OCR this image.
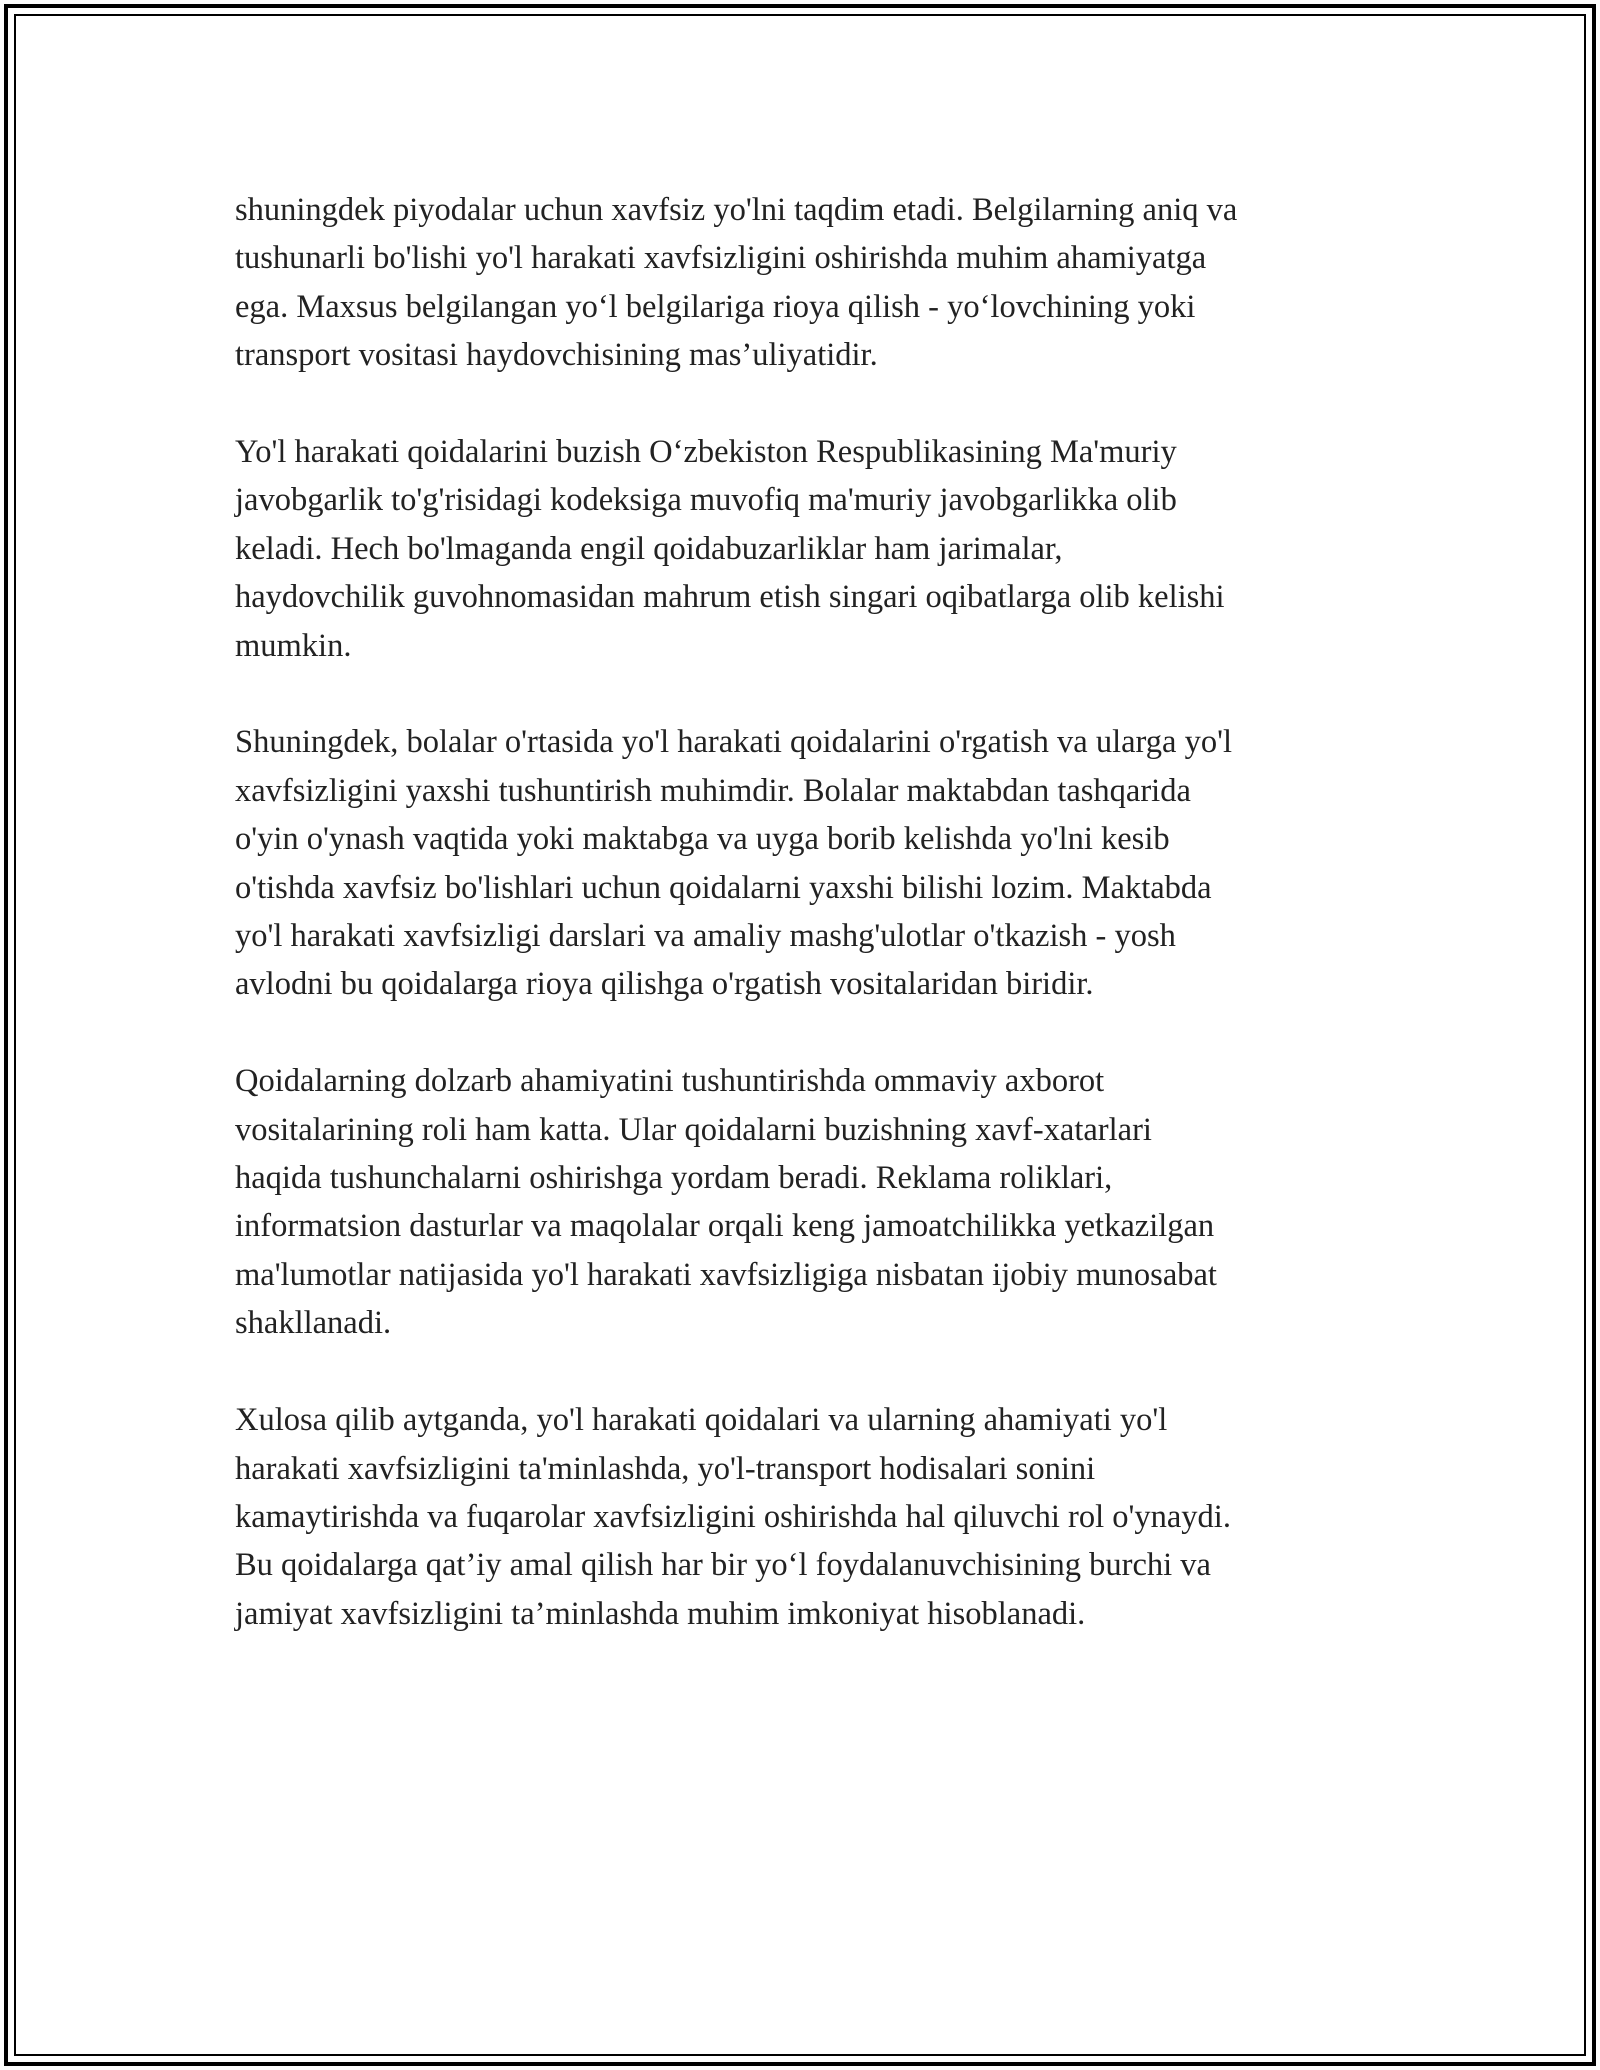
shuningdek piyodalar uchun xavfsiz yo'lni taqdim etadi. Belgilarning aniq va
tushunarli bo'lishi yo'l harakati xavfsizligini oshirishda muhim ahamiyatga
ega. Maxsus belgilangan yo‘l belgilariga rioya qilish - yo‘lovchining yoki
transport vositasi haydovchisining mas’uliyatidir.

Yo'l harakati qoidalarini buzish O‘zbekiston Respublikasining Ma'muriy
javobgarlik to'g'risidagi kodeksiga muvofiq ma'muriy javobgarlikka olib
keladi. Hech bo'lmaganda engil qoidabuzarliklar ham jarimalar,
haydovchilik guvohnomasidan mahrum etish singari oqibatlarga olib kelishi
mumkin.

Shuningdek, bolalar o'rtasida yo'l harakati qoidalarini o'rgatish va ularga yo'l
xavfsizligini yaxshi tushuntirish muhimdir. Bolalar maktabdan tashqarida
o'yin o'ynash vaqtida yoki maktabga va uyga borib kelishda yo'lni kesib
o'tishda xavfsiz bo'lishlari uchun qoidalarni yaxshi bilishi lozim. Maktabda
yo'l harakati xavfsizligi darslari va amaliy mashg'ulotlar o'tkazish - yosh
avlodni bu qoidalarga rioya qilishga o'rgatish vositalaridan biridir.

Qoidalarning dolzarb ahamiyatini tushuntirishda ommaviy axborot
vositalarining roli ham katta. Ular qoidalarni buzishning xavf-xatarlari
haqida tushunchalarni oshirishga yordam beradi. Reklama roliklari,
informatsion dasturlar va maqolalar orqali keng jamoatchilikka yetkazilgan
ma'lumotlar natijasida yo'l harakati xavfsizligiga nisbatan ijobiy munosabat
shakllanadi.

Xulosa qilib aytganda, yo'l harakati qoidalari va ularning ahamiyati yo'l
harakati xavfsizligini ta'minlashda, yo'l-transport hodisalari sonini
kamaytirishda va fuqarolar xavfsizligini oshirishda hal qiluvchi rol o'ynaydi.
Bu qoidalarga qat’iy amal qilish har bir yo‘l foydalanuvchisining burchi va
jamiyat xavfsizligini ta’minlashda muhim imkoniyat hisoblanadi.
